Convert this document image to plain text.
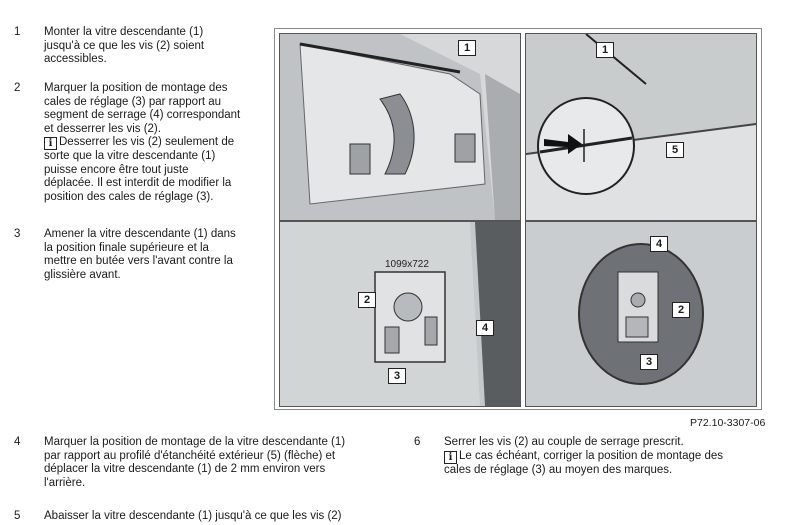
1 Monter la vitre descendante (1)
jusqu'à ce que les vis (2) soient
accessibles.
2 Marquer la position de montage des
cales de réglage (3) par rapport au
segment de serrage (4) correspondant
et desserrer les vis (2).
i Desserrer les vis (2) seulement de
sorte que la vitre descendante (1)
puisse encore être tout juste
déplacée. Il est interdit de modifier la
position des cales de réglage (3).
3 Amener la vitre descendante (1) dans
la position finale supérieure et la
mettre en butée vers l'avant contre la
glissière avant.
1	1
5
1099x722
2
4
3
4
2
3
P72.10-3307-06
4 Marquer la position de montage de la vitre descendante (1)
par rapport au profilé d'étanchéité extérieur (5) (flèche) et
déplacer la vitre descendante (1) de 2 mm environ vers
l'arrière.
5 Abaisser la vitre descendante (1) jusqu'à ce que les vis (2)
6 Serrer les vis (2) au couple de serrage prescrit.
i Le cas échéant, corriger la position de montage des
cales de réglage (3) au moyen des marques.
